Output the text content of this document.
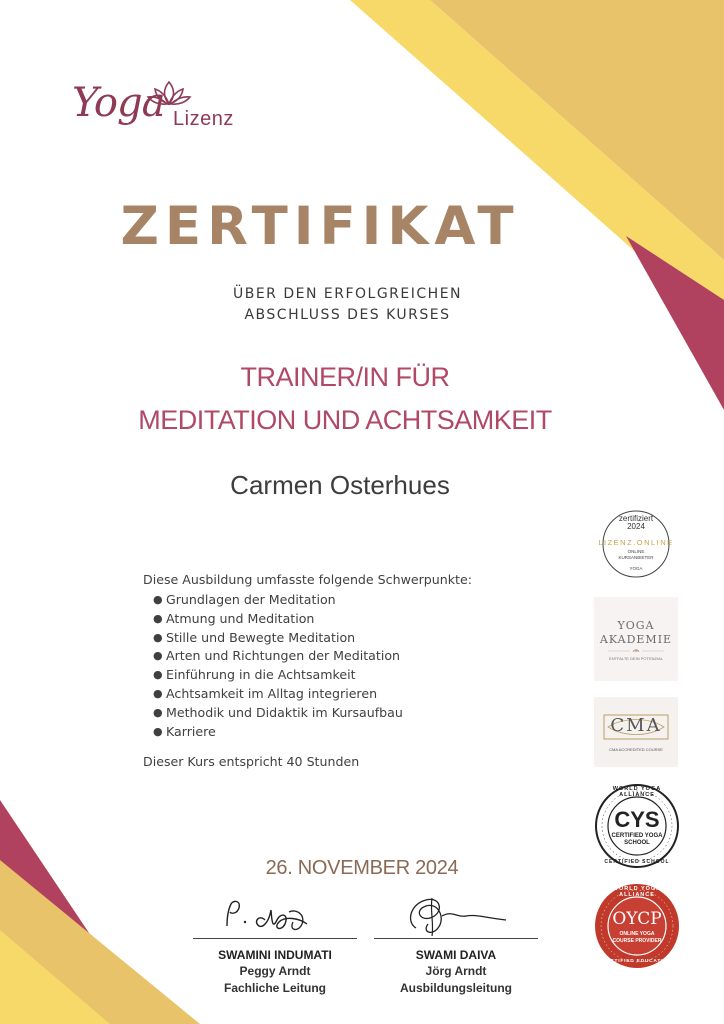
Yoga Lizenz
ZERTIFIKAT
ÜBER DEN ERFOLGREICHEN
ABSCHLUSS DES KURSES
TRAINER/IN FÜR
MEDITATION UND ACHTSAMKEIT
Carmen Osterhues

Diese Ausbildung umfasste folgende Schwerpunkte:

● Grundlagen der Meditation
● Atmung und Meditation
● Stille und Bewegte Meditation
● Arten und Richtungen der Meditation
● Einführung in die Achtsamkeit
● Achtsamkeit im Alltag integrieren
● Methodik und Didaktik im Kursaufbau
● Karriere
Dieser Kurs entspricht 40 Stunden
26. NOVEMBER 2024
SWAMINI INDUMATI
Peggy Arndt
Fachliche Leitung
SWAMI DAIVA
Jörg Arndt
Ausbildungsleitung
zertifiziert
2024
LIZENZ.ONLINE
ONLINE
KURSANBIETER
YOGA
YOGA
AKADEMIE
ENTFALTE DEIN POTENZIAL
CMA
CMA ACCREDITED COURSE
WORLD YOGA ALLIANCE
CYS
CERTIFIED YOGA
SCHOOL
CERTIFIED SCHOOL
WORLD YOGA ALLIANCE
OYCP
ONLINE YOGA
COURSE PROVIDER
CERTIFIED EDUCATION
